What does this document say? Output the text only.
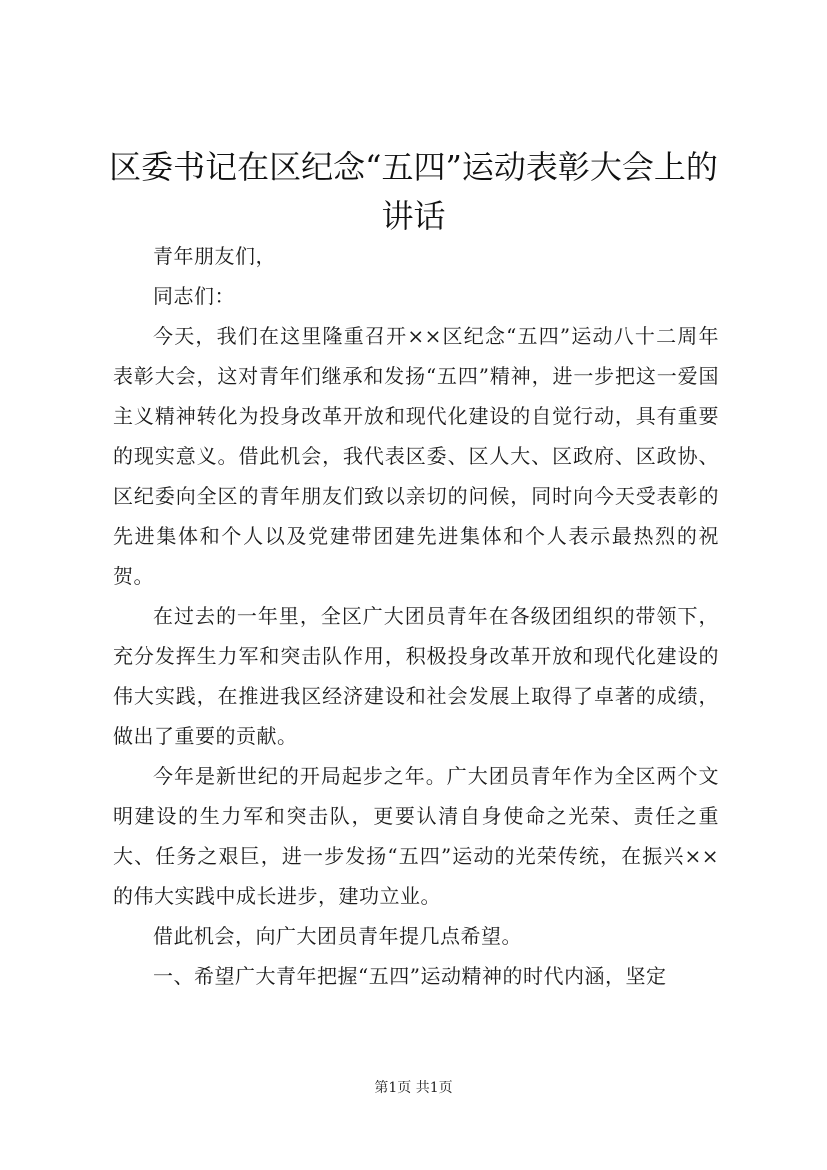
区委书记在区纪念“五四”运动表彰大会上的讲话

青年朋友们，

同志们：

今天，我们在这里隆重召开××区纪念“五四”运动八十二周年表彰大会，这对青年们继承和发扬“五四”精神，进一步把这一爱国主义精神转化为投身改革开放和现代化建设的自觉行动，具有重要的现实意义。借此机会，我代表区委、区人大、区政府、区政协、区纪委向全区的青年朋友们致以亲切的问候，同时向今天受表彰的先进集体和个人以及党建带团建先进集体和个人表示最热烈的祝贺。

在过去的一年里，全区广大团员青年在各级团组织的带领下，充分发挥生力军和突击队作用，积极投身改革开放和现代化建设的伟大实践，在推进我区经济建设和社会发展上取得了卓著的成绩，做出了重要的贡献。

今年是新世纪的开局起步之年。广大团员青年作为全区两个文明建设的生力军和突击队，更要认清自身使命之光荣、责任之重大、任务之艰巨，进一步发扬“五四”运动的光荣传统，在振兴××的伟大实践中成长进步，建功立业。

借此机会，向广大团员青年提几点希望。

一、希望广大青年把握“五四”运动精神的时代内涵，坚定

第1页 共1页
